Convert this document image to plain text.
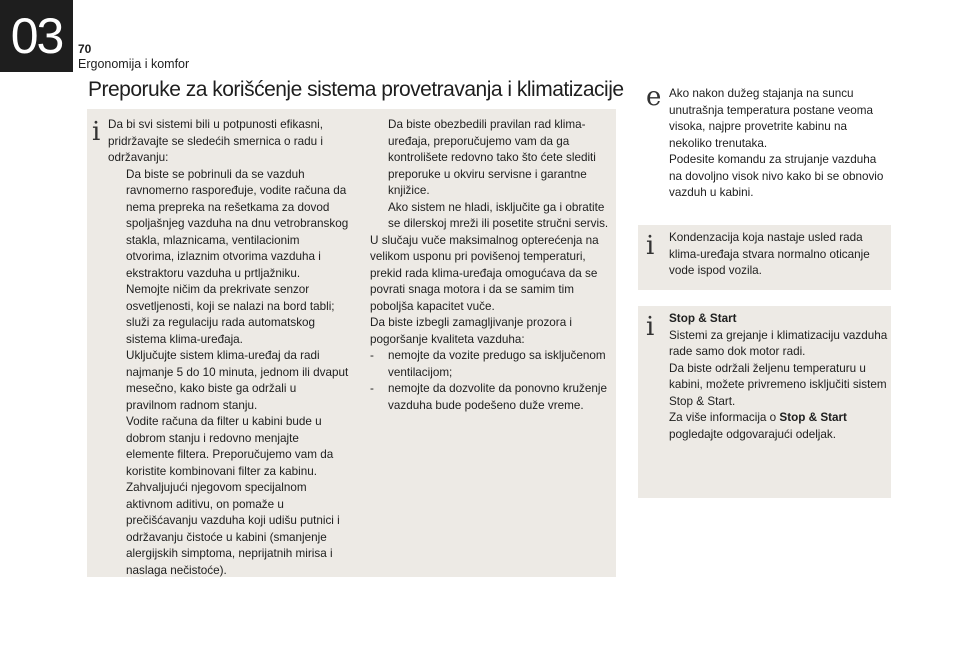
03	70
Ergonomija i komfor
Preporuke za korišćenje sistema provetravanja i klimatizacije
i Da bi svi sistemi bili u potpunosti efikasni, pridržavajte se sledećih smernica o radu i održavanju:

Da biste se pobrinuli da se vazduh ravnomerno raspoređuje, vodite računa da nema prepreka na rešetkama za dovod spoljašnjeg vazduha na dnu vetrobranskog stakla, mlaznicama, ventilacionim otvorima, izlaznim otvorima vazduha i ekstraktoru vazduha u prtljažniku.
Nemojte ničim da prekrivate senzor osvetljenosti, koji se nalazi na bord tabli; služi za regulaciju rada automatskog sistema klima-uređaja.
Uključujte sistem klima-uređaj da radi najmanje 5 do 10 minuta, jednom ili dvaput mesečno, kako biste ga održali u pravilnom radnom stanju.
Vodite računa da filter u kabini bude u dobrom stanju i redovno menjajte elemente filtera. Preporučujemo vam da koristite kombinovani filter za kabinu. Zahvaljujući njegovom specijalnom aktivnom aditivu, on pomaže u prečišćavanju vazduha koji udišu putnici i održavanju čistoće u kabini (smanjenje alergijskih simptoma, neprijatnih mirisa i naslaga nečistoće).
Da biste obezbedili pravilan rad klima-uređaja, preporučujemo vam da ga kontrolišete redovno tako što ćete slediti preporuke u okviru servisne i garantne knjižice.
Ako sistem ne hladi, isključite ga i obratite se dilerskoj mreži ili posetite stručni servis.

U slučaju vuče maksimalnog opterećenja na velikom usponu pri povišenoj temperaturi, prekid rada klima-uređaja omogućava da se povrati snaga motora i da se samim tim poboljša kapacitet vuče.

Da biste izbegli zamagljivanje prozora i pogoršanje kvaliteta vazduha:

- nemojte da vozite predugo sa isključenom ventilacijom;
- nemojte da dozvolite da ponovno kruženje vazduha bude podešeno duže vreme.
e Ako nakon dužeg stajanja na suncu unutrašnja temperatura postane veoma visoka, najpre provetrite kabinu na nekoliko trenutaka.
Podesite komandu za strujanje vazduha na dovoljno visok nivo kako bi se obnovio vazduh u kabini.
i Kondenzacija koja nastaje usled rada klima-uređaja stvara normalno oticanje vode ispod vozila.
i Stop & Start
Sistemi za grejanje i klimatizaciju vazduha rade samo dok motor radi.
Da biste održali željenu temperaturu u kabini, možete privremeno isključiti sistem Stop & Start.
Za više informacija o Stop & Start
pogledajte odgovarajući odeljak.
